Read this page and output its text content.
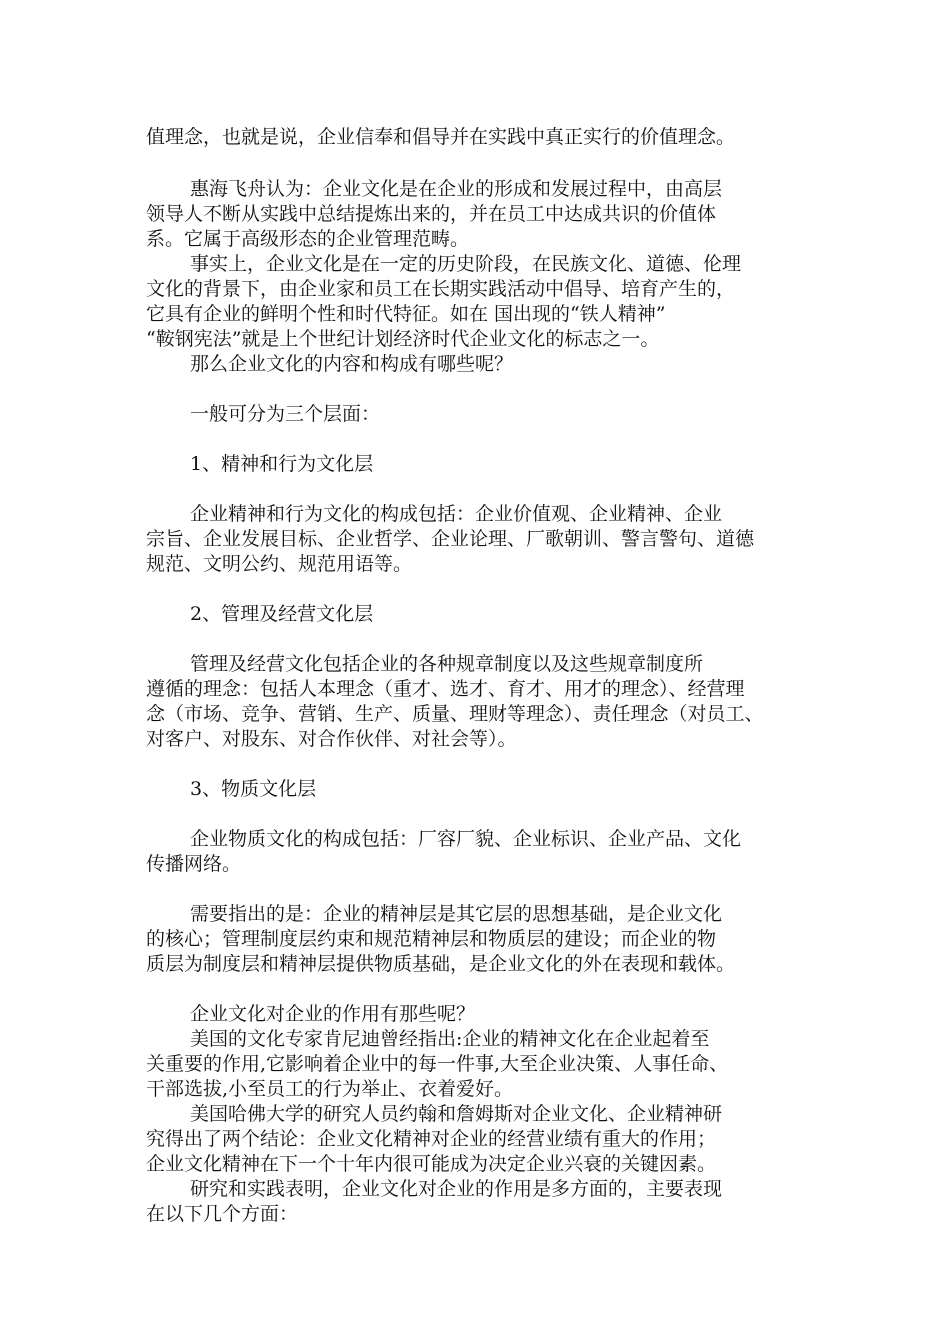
值理念，也就是说，企业信奉和倡导并在实践中真正实行的价值理念。
惠海飞舟认为：企业文化是在企业的形成和发展过程中，由高层
领导人不断从实践中总结提炼出来的，并在员工中达成共识的价值体
系。它属于高级形态的企业管理范畴。
事实上，企业文化是在一定的历史阶段，在民族文化、道德、伦理
文化的背景下，由企业家和员工在长期实践活动中倡导、培育产生的，
它具有企业的鲜明个性和时代特征。如在 国出现的“铁人精神”
“鞍钢宪法”就是上个世纪计划经济时代企业文化的标志之一。
那么企业文化的内容和构成有哪些呢？
一般可分为三个层面：
1、精神和行为文化层
企业精神和行为文化的构成包括：企业价值观、企业精神、企业
宗旨、企业发展目标、企业哲学、企业论理、厂歌朝训、警言警句、道德
规范、文明公约、规范用语等。
2、管理及经营文化层
管理及经营文化包括企业的各种规章制度以及这些规章制度所
遵循的理念：包括人本理念（重才、选才、育才、用才的理念）、经营理
念（市场、竞争、营销、生产、质量、理财等理念）、责任理念（对员工、
对客户、对股东、对合作伙伴、对社会等）。
3、物质文化层
企业物质文化的构成包括：厂容厂貌、企业标识、企业产品、文化
传播网络。
需要指出的是：企业的精神层是其它层的思想基础，是企业文化
的核心；管理制度层约束和规范精神层和物质层的建设；而企业的物
质层为制度层和精神层提供物质基础，是企业文化的外在表现和载体。
企业文化对企业的作用有那些呢？
美国的文化专家肯尼迪曾经指出:企业的精神文化在企业起着至
关重要的作用,它影响着企业中的每一件事,大至企业决策、人事任命、
干部选拔,小至员工的行为举止、衣着爱好。
美国哈佛大学的研究人员约翰和詹姆斯对企业文化、企业精神研
究得出了两个结论：企业文化精神对企业的经营业绩有重大的作用；
企业文化精神在下一个十年内很可能成为决定企业兴衰的关键因素。
研究和实践表明，企业文化对企业的作用是多方面的，主要表现
在以下几个方面：
